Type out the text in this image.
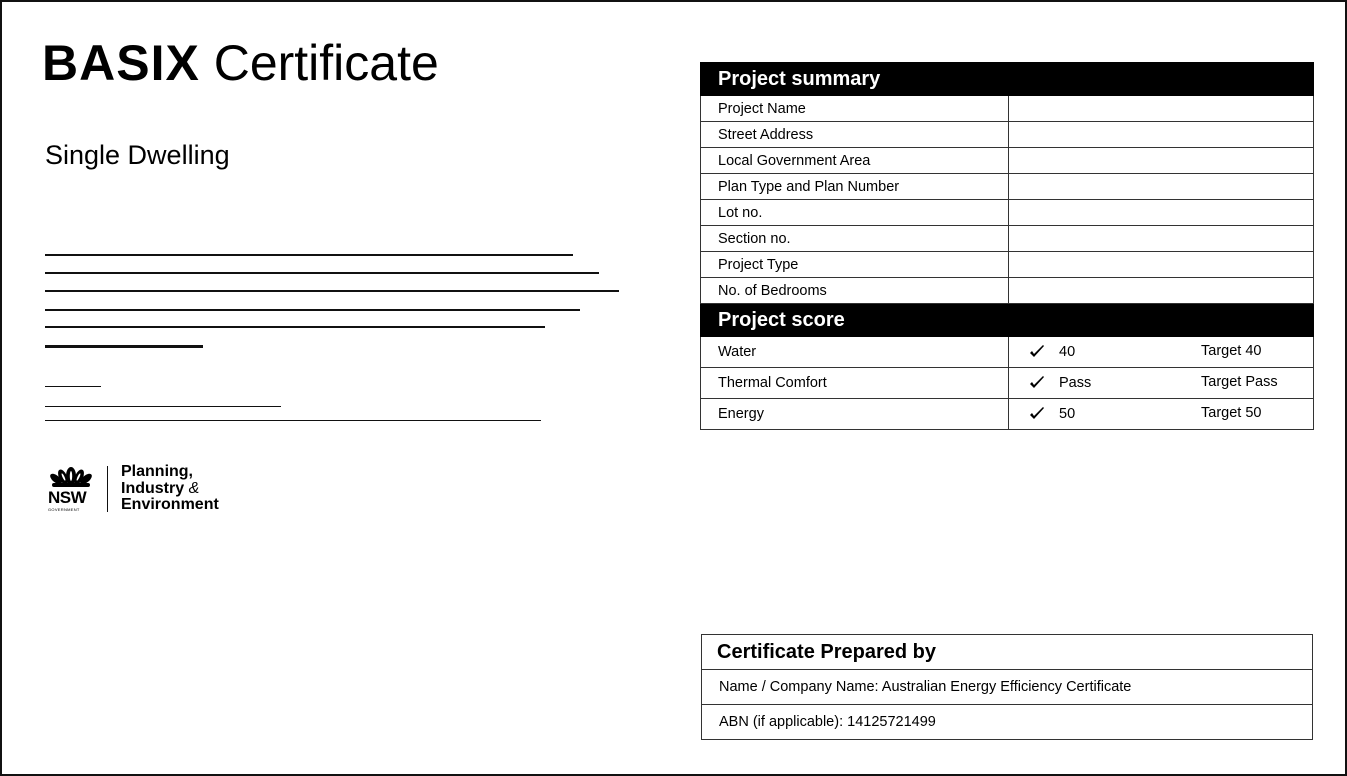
BASIX Certificate
Single Dwelling
NSW
GOVERNMENT
Planning,
Industry &
Environment
Project summary	
Project Name	
Street Address	
Local Government Area	
Plan Type and Plan Number	
Lot no.	
Section no.	
Project Type	
No. of Bedrooms	
Project score	
Water	40 Target 40

Thermal Comfort	Pass Target Pass

Energy	50 Target 50
Certificate Prepared by
Name / Company Name: Australian Energy Efficiency Certificate
ABN (if applicable): 14125721499
